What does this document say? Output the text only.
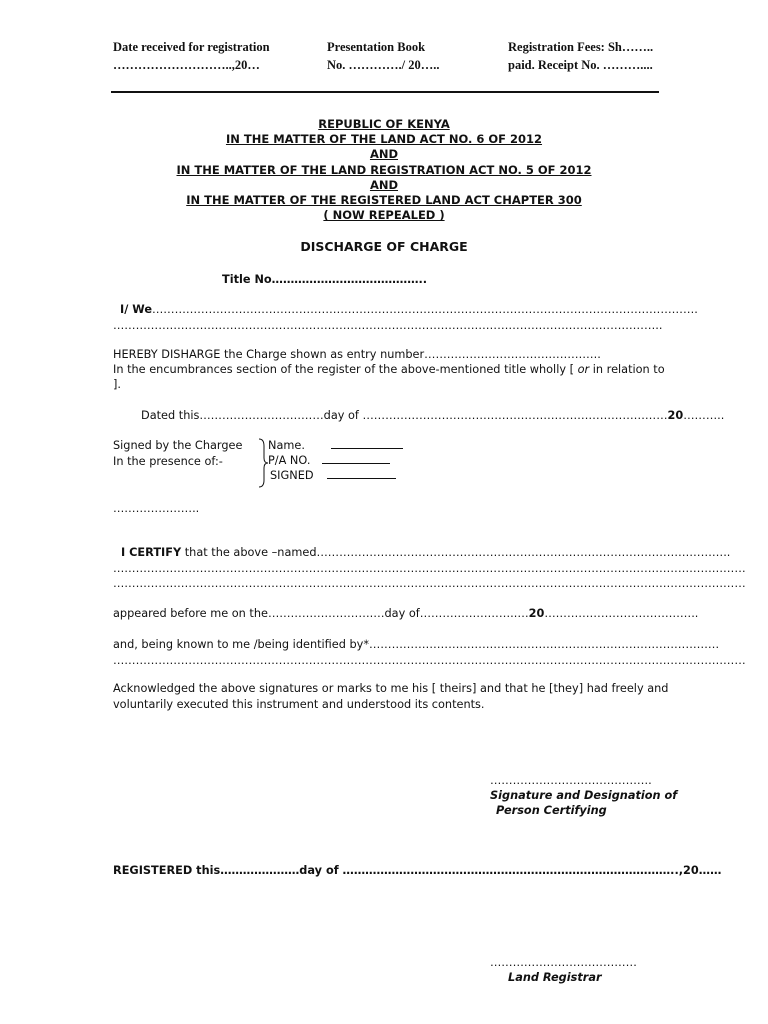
Date received for registration
………………………..,20…
Presentation Book
No. …………./ 20…..
Registration Fees: Sh……..
paid. Receipt No. ………....
REPUBLIC OF KENYA
IN THE MATTER OF THE LAND ACT NO. 6 OF 2012
AND
IN THE MATTER OF THE LAND REGISTRATION ACT NO. 5 OF 2012
AND
IN THE MATTER OF THE REGISTERED LAND ACT CHAPTER 300
( NOW REPEALED )
DISCHARGE OF CHARGE
Title No…………………………………..
I/ We……………………………………………………………………………………………………………………………….
………………………………………………………………………………………………………………………………..
HEREBY DISHARGE the Charge shown as entry number………………………………………..
In the encumbrances section of the register of the above-mentioned title wholly [ or in relation to
].
Dated this……………………………day of ………………………………………………………………………20………..
Signed by the Chargee
In the presence of:-
Name.
P/A NO.
SIGNED
…………………..
I CERTIFY that the above –named………………………………………………………………………………………………..
……………………………………………………………………………………………………………………………………………………
……………………………………………………………………………………………………………………………………………………
appeared before me on the……………………….…day of……………………..…20…………………………………..
and, being known to me /being identified by*…………………………………………………………………………………
……………………………………………………………………………………………………………………………………………………
Acknowledged the above signatures or marks to me his [ theirs] and that he [they] had freely and
voluntarily executed this instrument and understood its contents.
…………………………………….
Signature and Designation of
Person Certifying
REGISTERED this…………………day of ……………………………………………………………………………..,20……
…………………………………
Land Registrar
